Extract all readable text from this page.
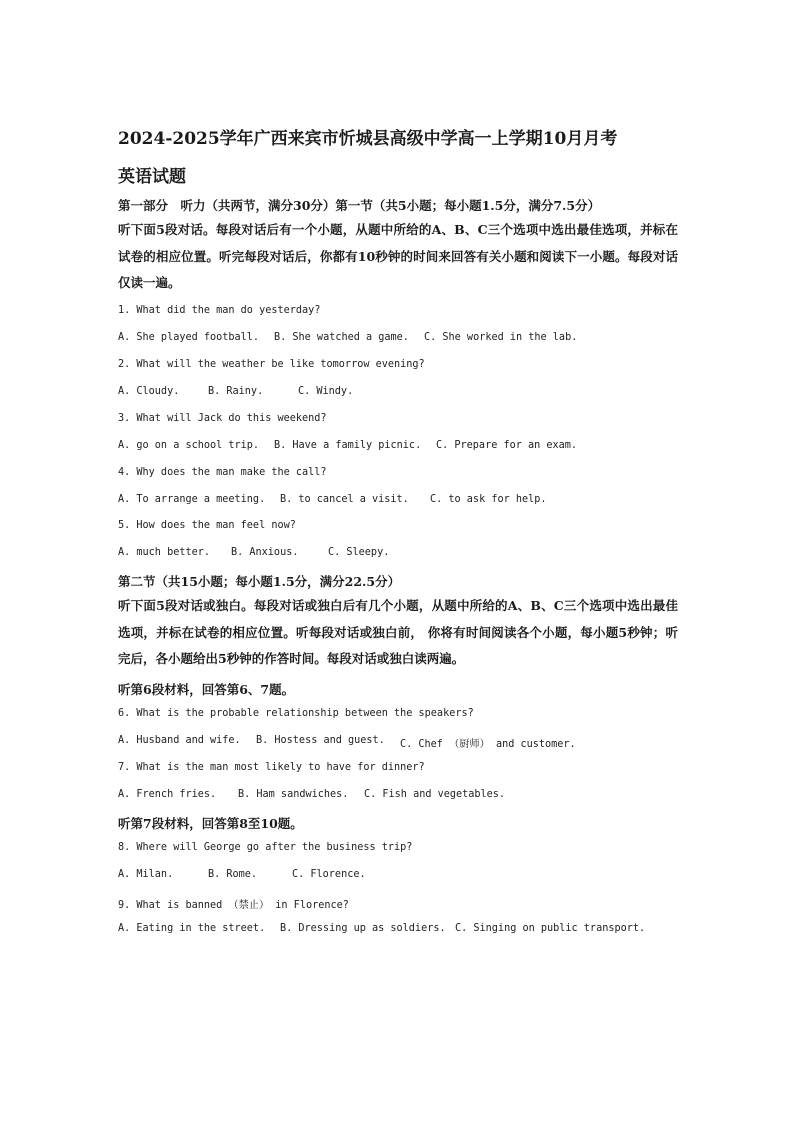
2024-2025学年广西来宾市忻城县高级中学高一上学期10月月考
英语试题
第一部分　听力（共两节，满分30分）第一节（共5小题；每小题1.5分，满分7.5分）
听下面5段对话。每段对话后有一个小题，从题中所给的A、B、C三个选项中选出最佳选项，并标在试卷的相应位置。听完每段对话后，你都有10秒钟的时间来回答有关小题和阅读下一小题。每段对话仅读一遍。
1. What did the man do yesterday?
A. She played football. B. She watched a game. C. She worked in the lab.
2. What will the weather be like tomorrow evening?
A. Cloudy.	B. Rainy.	C. Windy.
3. What will Jack do this weekend?
A. go on a school trip. B. Have a family picnic. C. Prepare for an exam.
4. Why does the man make the call?
A. To arrange a meeting. B. to cancel a visit. C. to ask for help.
5. How does the man feel now?
A. much better. B. Anxious.	C. Sleepy.
第二节（共15小题；每小题1.5分，满分22.5分）
听下面5段对话或独白。每段对话或独白后有几个小题，从题中所给的A、B、C三个选项中选出最佳选项，并标在试卷的相应位置。听每段对话或独白前， 你将有时间阅读各个小题，每小题5秒钟；听完后，各小题给出5秒钟的作答时间。每段对话或独白读两遍。
听第6段材料，回答第6、7题。
6. What is the probable relationship between the speakers?
A. Husband and wife. B. Hostess and guest. C. Chef （厨师） and customer.
7. What is the man most likely to have for dinner?
A. French fries. B. Ham sandwiches. C. Fish and vegetables.
听第7段材料，回答第8至10题。
8. Where will George go after the business trip?
A. Milan.	B. Rome.	C. Florence.
9. What is banned （禁止） in Florence?
A. Eating in the street. B. Dressing up as soldiers. C. Singing on public transport.
